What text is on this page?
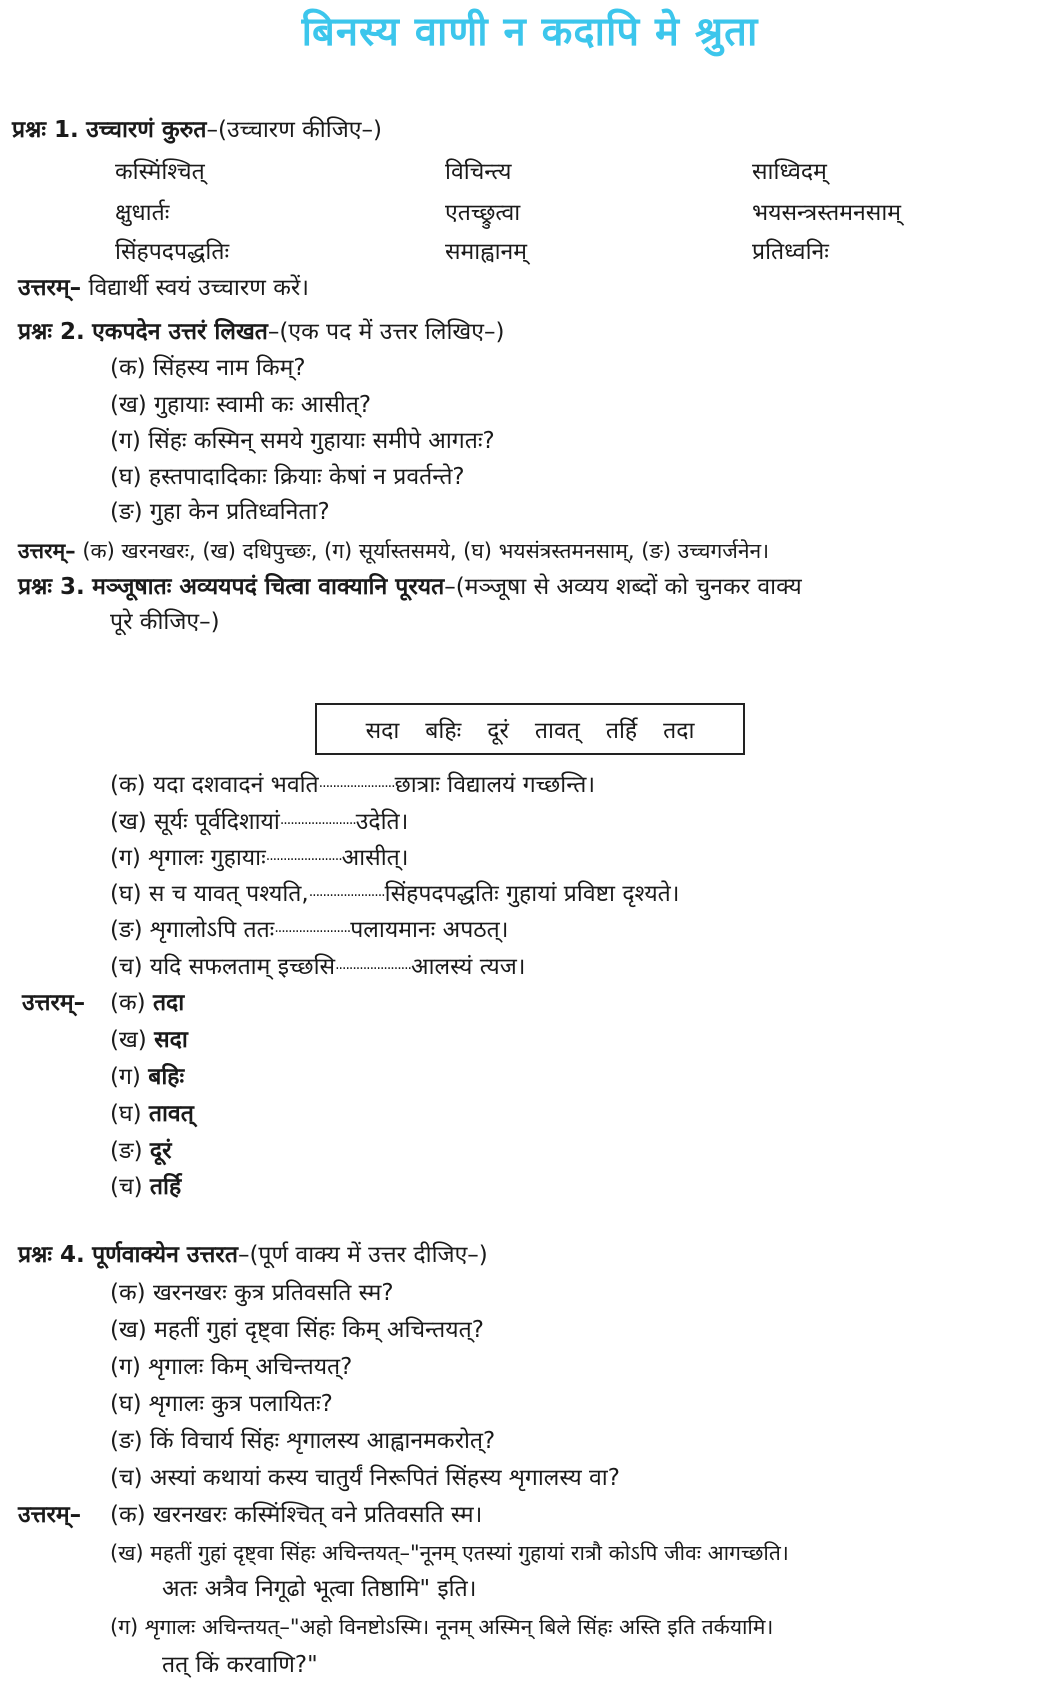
बिनस्य वाणी न कदापि मे श्रुता
प्रश्नः 1. उच्चारणं कुरुत–(उच्चारण कीजिए–)
कस्मिंश्चित्	विचिन्त्य	साध्विदम्
क्षुधार्तः	एतच्छ्रुत्वा	भयसन्त्रस्तमनसाम्
सिंहपदपद्धतिः	समाह्वानम्	प्रतिध्वनिः
उत्तरम्– विद्यार्थी स्वयं उच्चारण करें।
प्रश्नः 2. एकपदेन उत्तरं लिखत–(एक पद में उत्तर लिखिए–)
(क) सिंहस्य नाम किम्?
(ख) गुहायाः स्वामी कः आसीत्?
(ग) सिंहः कस्मिन् समये गुहायाः समीपे आगतः?
(घ) हस्तपादादिकाः क्रियाः केषां न प्रवर्तन्ते?
(ङ) गुहा केन प्रतिध्वनिता?
उत्तरम्– (क) खरनखरः, (ख) दधिपुच्छः, (ग) सूर्यास्तसमये, (घ) भयसंत्रस्तमनसाम्, (ङ) उच्चगर्जनेन।
प्रश्नः 3. मञ्जूषातः अव्ययपदं चित्वा वाक्यानि पूरयत–(मञ्जूषा से अव्यय शब्दों को चुनकर वाक्य
पूरे कीजिए–)
सदा बहिः दूरं तावत् तर्हि तदा
(क) यदा दशवादनं भवति......................छात्राः विद्यालयं गच्छन्ति।
(ख) सूर्यः पूर्वदिशायां......................उदेति।
(ग) शृगालः गुहायाः......................आसीत्।
(घ) स च यावत् पश्यति,......................सिंहपदपद्धतिः गुहायां प्रविष्टा दृश्यते।
(ङ) शृगालोऽपि ततः......................पलायमानः अपठत्।
(च) यदि सफलताम् इच्छसि......................आलस्यं त्यज।
उत्तरम्– (क) तदा
(ख) सदा
(ग) बहिः
(घ) तावत्
(ङ) दूरं
(च) तर्हि
प्रश्नः 4. पूर्णवाक्येन उत्तरत–(पूर्ण वाक्य में उत्तर दीजिए–)
(क) खरनखरः कुत्र प्रतिवसति स्म?
(ख) महतीं गुहां दृष्ट्वा सिंहः किम् अचिन्तयत्?
(ग) शृगालः किम् अचिन्तयत्?
(घ) शृगालः कुत्र पलायितः?
(ङ) किं विचार्य सिंहः शृगालस्य आह्वानमकरोत्?
(च) अस्यां कथायां कस्य चातुर्यं निरूपितं सिंहस्य शृगालस्य वा?
उत्तरम्– (क) खरनखरः कस्मिंश्चित् वने प्रतिवसति स्म।
(ख) महतीं गुहां दृष्ट्वा सिंहः अचिन्तयत्–"नूनम् एतस्यां गुहायां रात्रौ कोऽपि जीवः आगच्छति।
अतः अत्रैव निगूढो भूत्वा तिष्ठामि" इति।
(ग) शृगालः अचिन्तयत्–"अहो विनष्टोऽस्मि। नूनम् अस्मिन् बिले सिंहः अस्ति इति तर्कयामि।
तत् किं करवाणि?"
